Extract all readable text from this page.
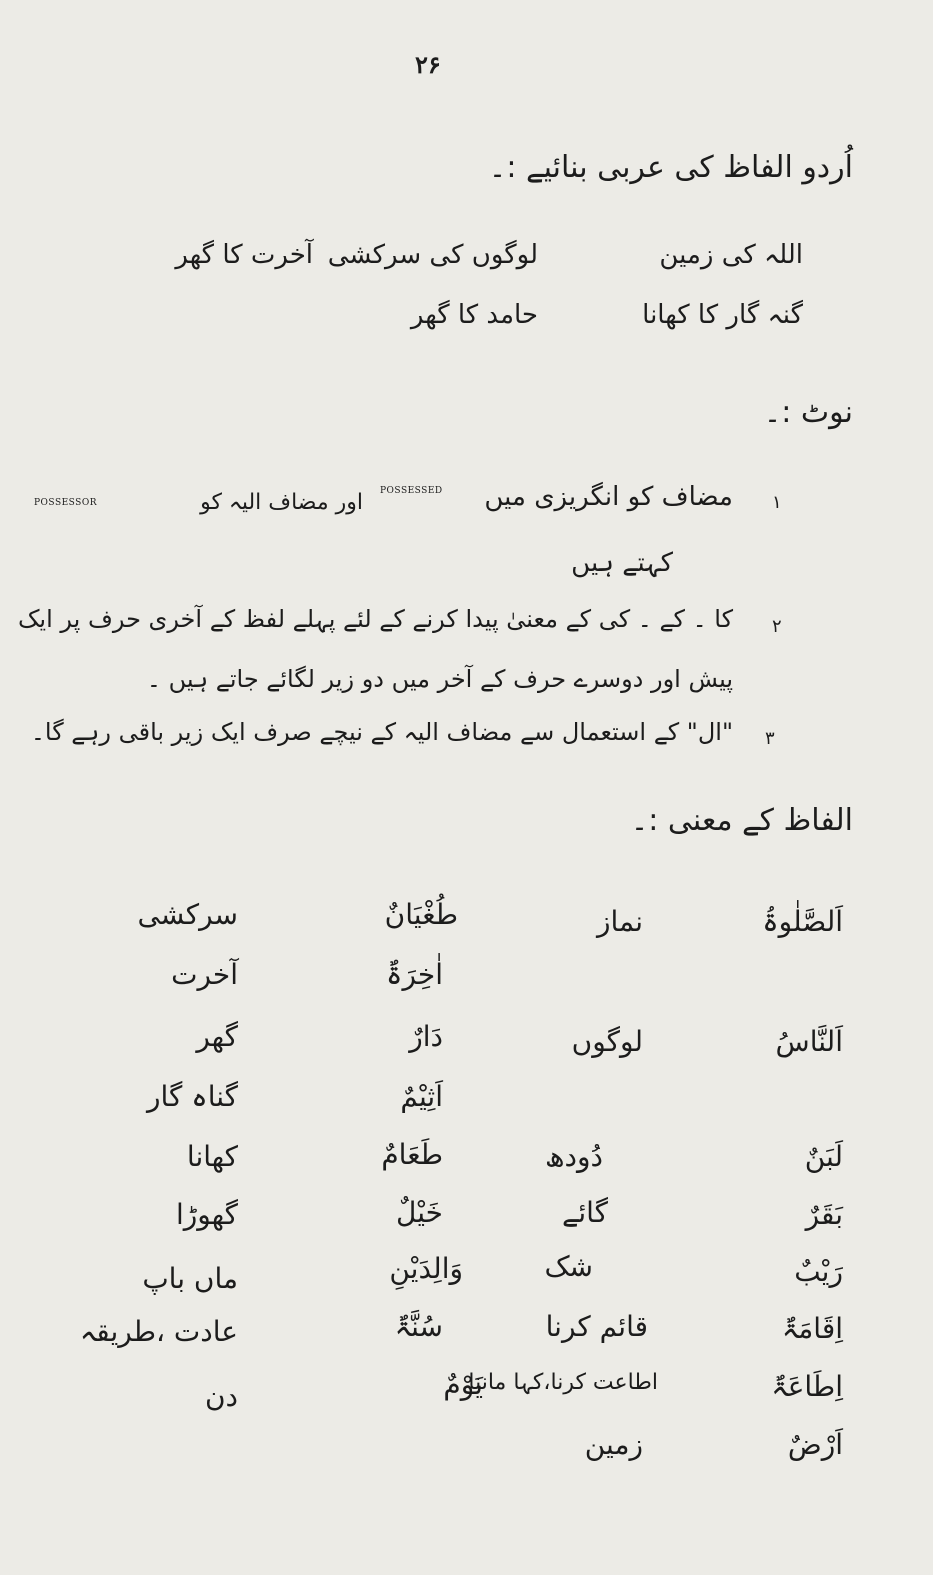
۲۶
اُردو الفاظ کی عربی بنائیے :۔
اللہ کی زمین
لوگوں کی سرکشی
آخرت کا گھر
گنہ گار کا کھانا
حامد کا گھر
نوٹ :۔
۱
مضاف کو انگریزی میں
POSSESSED
اور مضاف الیہ کو
POSSESSOR
کہتے ہیں
۲
کا ۔ کے ۔ کی کے معنیٰ پیدا کرنے کے لئے پہلے لفظ کے آخری حرف پر ایک
پیش اور دوسرے حرف کے آخر میں دو زیر لگائے جاتے ہیں ۔
۳
"ال" کے استعمال سے مضاف الیہ کے نیچے صرف ایک زیر باقی رہے گا۔
الفاظ کے معنی :۔
اَلصَّلٰوۃُ
نماز
طُغْیَانٌ
سرکشی
اٰخِرَۃٌ
آخرت
اَلنَّاسُ
لوگوں
دَارٌ
گھر
اَثِیْمٌ
گناہ گار
لَبَنٌ
دُودھ
طَعَامٌ
کھانا
بَقَرٌ
گائے
خَیْلٌ
گھوڑا
رَیْبٌ
شک
وَالِدَیْنِ
ماں باپ
اِقَامَۃٌ
قائم کرنا
سُنَّۃٌ
عادت ،طریقہ
اِطَاعَۃٌ
اطاعت کرنا،کہا ماننا
یَوْمٌ
دن
اَرْضٌ
زمین
